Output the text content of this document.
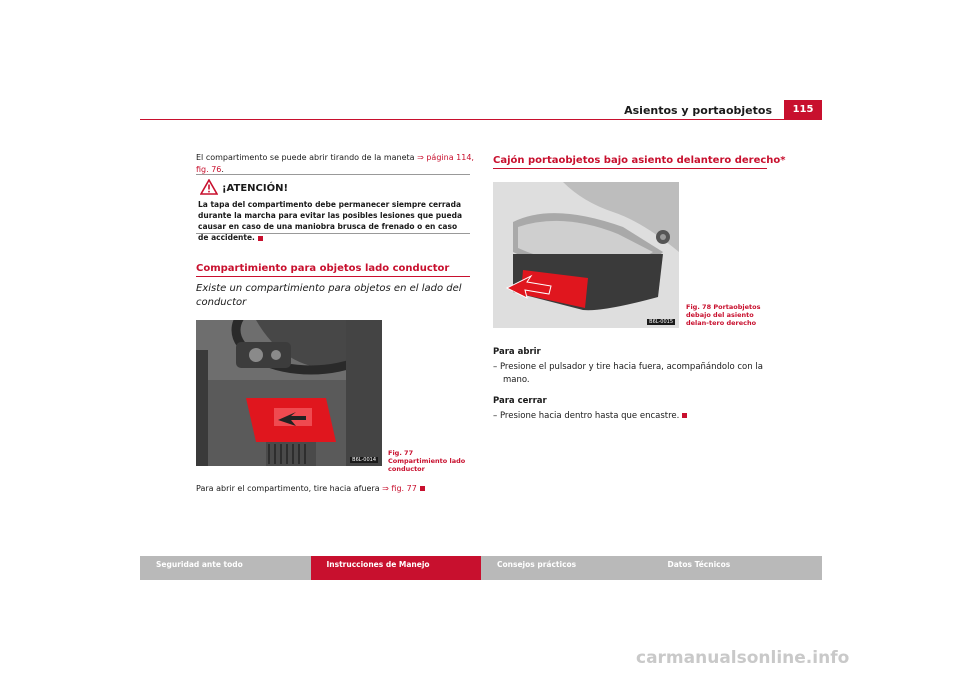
Asientos y portaobjetos	115
El compartimento se puede abrir tirando de la maneta ⇒ página 114, fig. 76.
¡ATENCIÓN!
La tapa del compartimento debe permanecer siempre cerrada durante la marcha para evitar las posibles lesiones que pueda causar en caso de una maniobra brusca de frenado o en caso de accidente.
Compartimiento para objetos lado conductor
Existe un compartimiento para objetos en el lado del conductor
B6L-0014
Fig. 77 Compartimiento lado conductor
Para abrir el compartimento, tire hacia afuera ⇒ fig. 77
Cajón portaobjetos bajo asiento delantero derecho*
B6L-0015
Fig. 78 Portaobjetos debajo del asiento delan-tero derecho
Para abrir
– Presione el pulsador y tire hacia fuera, acompañándolo con la mano.
Para cerrar
– Presione hacia dentro hasta que encastre.
Seguridad ante todo	Instrucciones de Manejo	Consejos prácticos	Datos Técnicos
carmanualsonline.info
